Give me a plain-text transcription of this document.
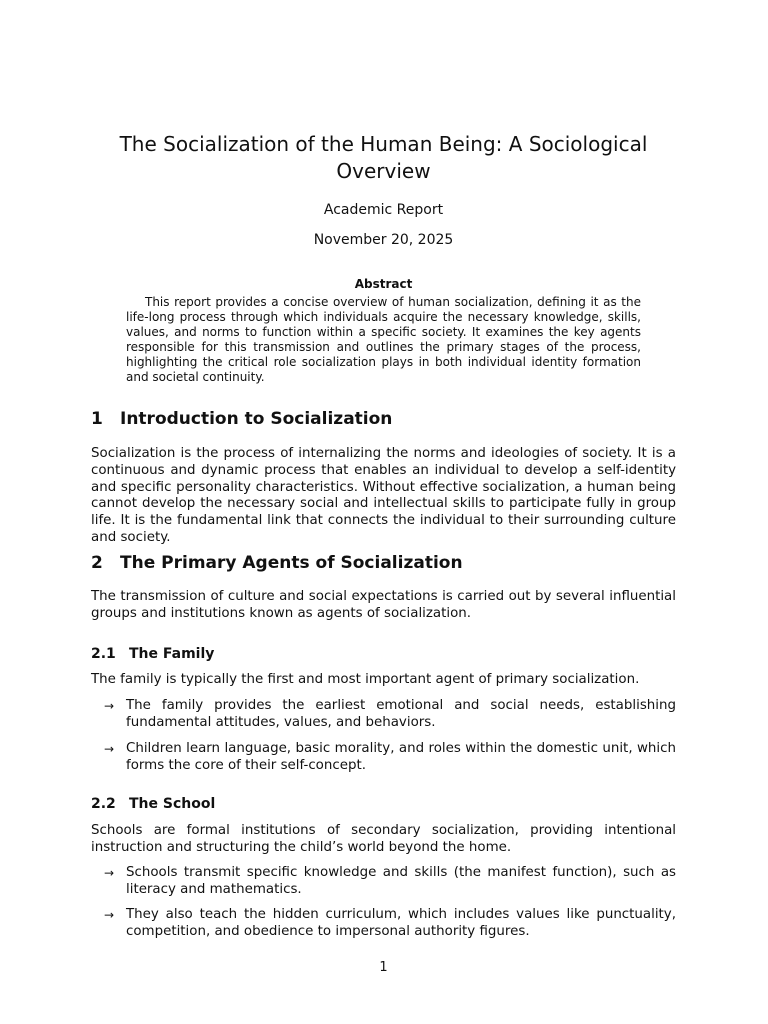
The Socialization of the Human Being: A Sociological Overview
Academic Report
November 20, 2025
Abstract

This report provides a concise overview of human socialization, defining it as the life-long process through which individuals acquire the necessary knowledge, skills, values, and norms to function within a specific society. It examines the key agents responsible for this transmission and outlines the primary stages of the process, highlighting the critical role socialization plays in both individual identity formation and societal continuity.

1 Introduction to Socialization

Socialization is the process of internalizing the norms and ideologies of society. It is a continuous and dynamic process that enables an individual to develop a self-identity and specific personality characteristics. Without effective socialization, a human being cannot develop the necessary social and intellectual skills to participate fully in group life. It is the fundamental link that connects the individual to their surrounding culture and society.

2 The Primary Agents of Socialization

The transmission of culture and social expectations is carried out by several influential groups and institutions known as agents of socialization.

2.1 The Family

The family is typically the first and most important agent of primary socialization.

→ The family provides the earliest emotional and social needs, establishing fundamental attitudes, values, and behaviors.

→ Children learn language, basic morality, and roles within the domestic unit, which forms the core of their self-concept.

2.2 The School

Schools are formal institutions of secondary socialization, providing intentional instruction and structuring the child’s world beyond the home.

→ Schools transmit specific knowledge and skills (the manifest function), such as literacy and mathematics.

→ They also teach the hidden curriculum, which includes values like punctuality, competition, and obedience to impersonal authority figures.

1
